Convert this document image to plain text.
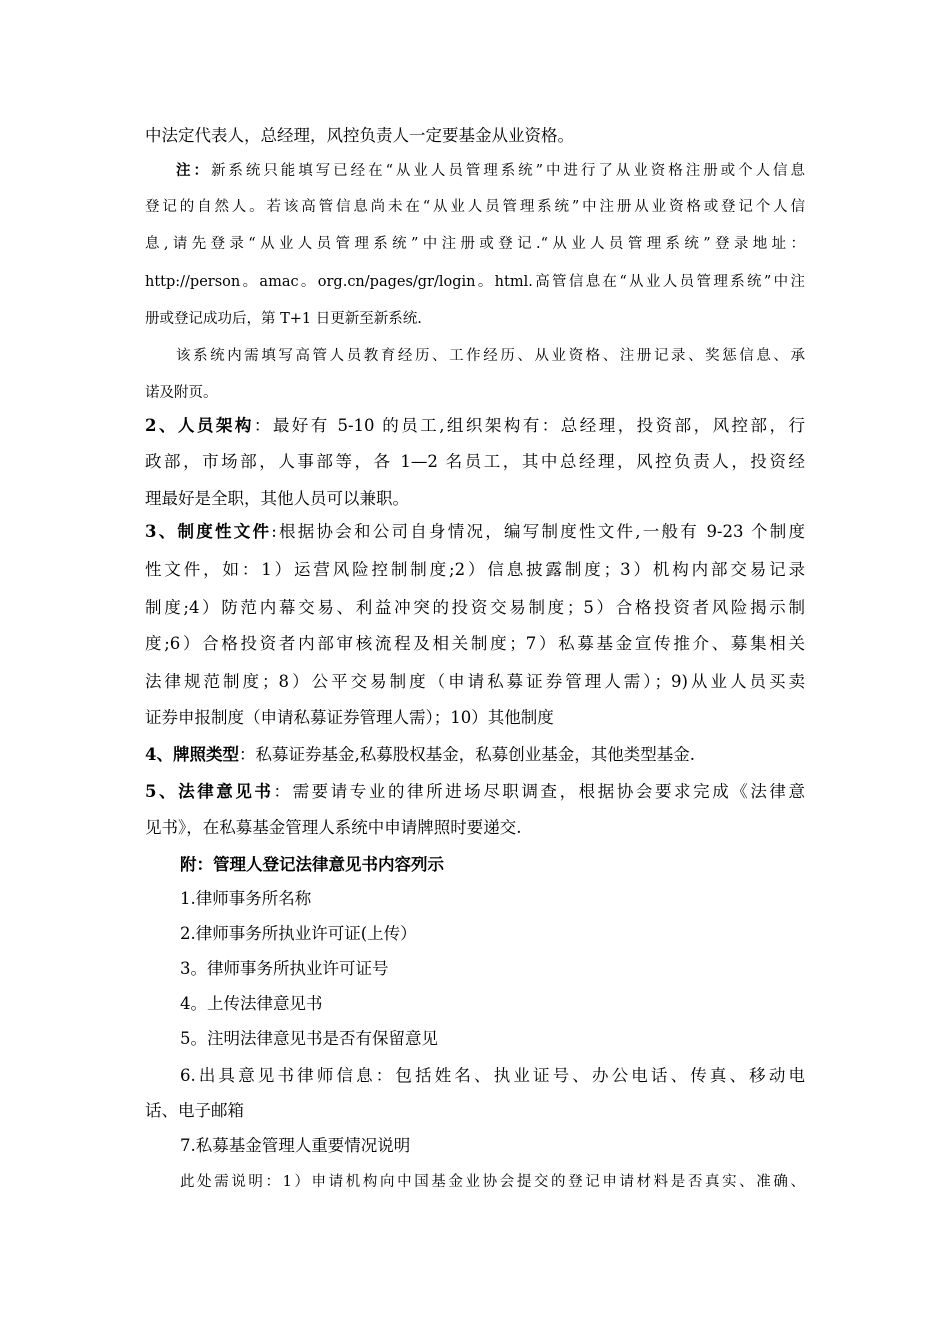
中法定代表人，总经理，风控负责人一定要基金从业资格。
注：新系统只能填写已经在“从业人员管理系统”中进行了从业资格注册或个人信息
登记的自然人。若该高管信息尚未在“从业人员管理系统”中注册从业资格或登记个人信
息,请先登录“从业人员管理系统”中注册或登记.“从业人员管理系统”登录地址：
http://person。amac。org.cn/pages/gr/login。html.高管信息在“从业人员管理系统”中注
册或登记成功后，第 T+1 日更新至新系统.
该系统内需填写高管人员教育经历、工作经历、从业资格、注册记录、奖惩信息、承
诺及附页。
2、人员架构：最好有 5-10 的员工,组织架构有：总经理，投资部，风控部，行
政部，市场部，人事部等，各 1—2 名员工，其中总经理，风控负责人，投资经
理最好是全职，其他人员可以兼职。
3、制度性文件:根据协会和公司自身情况，编写制度性文件,一般有 9-23 个制度
性文件，如：1）运营风险控制制度;2）信息披露制度；3）机构内部交易记录
制度;4）防范内幕交易、利益冲突的投资交易制度；5）合格投资者风险揭示制
度;6）合格投资者内部审核流程及相关制度；7）私募基金宣传推介、募集相关
法律规范制度；8）公平交易制度（申请私募证券管理人需）；9)从业人员买卖
证券申报制度（申请私募证券管理人需）；10）其他制度
4、牌照类型：私募证券基金,私募股权基金，私募创业基金，其他类型基金.
5、法律意见书：需要请专业的律所进场尽职调查，根据协会要求完成《法律意
见书》，在私募基金管理人系统中申请牌照时要递交.
附：管理人登记法律意见书内容列示
1.律师事务所名称
2.律师事务所执业许可证(上传）
3。律师事务所执业许可证号
4。上传法律意见书
5。注明法律意见书是否有保留意见
6.出具意见书律师信息：包括姓名、执业证号、办公电话、传真、移动电
话、电子邮箱
7.私募基金管理人重要情况说明
此处需说明：1）申请机构向中国基金业协会提交的登记申请材料是否真实、准确、
